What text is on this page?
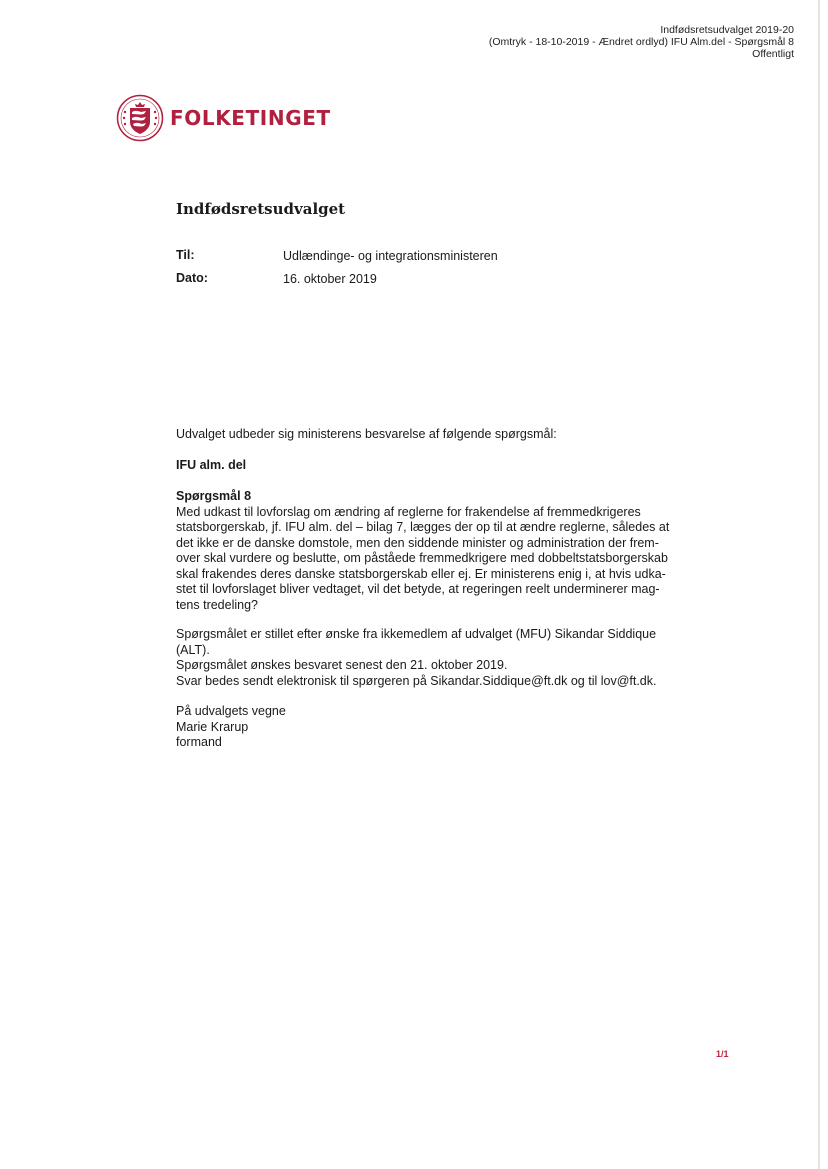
Indfødsretsudvalget 2019-20
(Omtryk - 18-10-2019 - Ændret ordlyd) IFU Alm.del - Spørgsmål 8
Offentligt
FOLKETINGET
Indfødsretsudvalget
Til:	Udlændinge- og integrationsministeren
Dato:	16. oktober 2019
Udvalget udbeder sig ministerens besvarelse af følgende spørgsmål:
IFU alm. del
Spørgsmål 8
Med udkast til lovforslag om ændring af reglerne for frakendelse af fremmedkrigeres
statsborgerskab, jf. IFU alm. del – bilag 7, lægges der op til at ændre reglerne, således at
det ikke er de danske domstole, men den siddende minister og administration der frem-
over skal vurdere og beslutte, om påståede fremmedkrigere med dobbeltstatsborgerskab
skal frakendes deres danske statsborgerskab eller ej. Er ministerens enig i, at hvis udka-
stet til lovforslaget bliver vedtaget, vil det betyde, at regeringen reelt underminerer mag-
tens tredeling?
Spørgsmålet er stillet efter ønske fra ikkemedlem af udvalget (MFU) Sikandar Siddique
(ALT).
Spørgsmålet ønskes besvaret senest den 21. oktober 2019.
Svar bedes sendt elektronisk til spørgeren på Sikandar.Siddique@ft.dk og til lov@ft.dk.
På udvalgets vegne
Marie Krarup
formand
1/1
